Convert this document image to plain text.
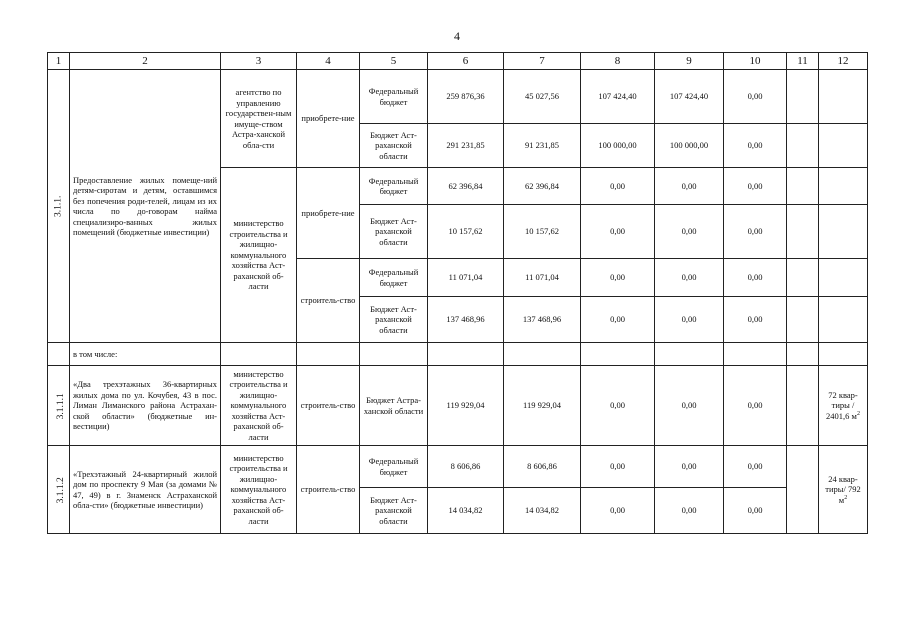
4
1	2	3	4	5	6	7	8	9	10	11	12
3.1.1.	Предоставление жилых помеще-ний детям-сиротам и детям, оставшимся без попечения роди-телей, лицам из их числа по до-говорам найма специализиро-ванных жилых помещений (бюджетные инвестиции)	агентство по управлению государствен-ным имуще-ством Астра-ханской обла-сти	приобрете-ние	Федеральный бюджет	259 876,36	45 027,56	107 424,40	107 424,40	0,00		
				Бюджет Аст-раханской области	291 231,85	91 231,85	100 000,00	100 000,00	0,00		
		министерство строительства и жилищно-коммунального хозяйства Аст-раханской об-ласти	приобрете-ние	Федеральный бюджет	62 396,84	62 396,84	0,00	0,00	0,00		
				Бюджет Аст-раханской области	10 157,62	10 157,62	0,00	0,00	0,00		
			строитель-ство	Федеральный бюджет	11 071,04	11 071,04	0,00	0,00	0,00		
				Бюджет Аст-раханской области	137 468,96	137 468,96	0,00	0,00	0,00		
	в том числе:										
3.1.1.1	«Два трехэтажных 36-квартирных жилых дома по ул. Кочубея, 43 в пос. Лиман Лиманского района Астрахан-ской области» (бюджетные ин-вестиции)	министерство строительства и жилищно-коммунального хозяйства Аст-раханской об-ласти	строитель-ство	Бюджет Астра-ханской области	119 929,04	119 929,04	0,00	0,00	0,00		72 квар-тиры / 2401,6 $м^2$
3.1.1.2	«Трехэтажный 24-квартирный жилой дом по проспекту 9 Мая (за домами № 47, 49) в г. Знаменск Астраханской обла-сти» (бюджетные инвестиции)	министерство строительства и жилищно-коммунального хозяйства Аст-раханской об-ласти	строитель-ство	Федеральный бюджет	8 606,86	8 606,86	0,00	0,00	0,00		24 квар-тиры/ 792 $м^2$
				Бюджет Аст-раханской области	14 034,82	14 034,82	0,00	0,00	0,00		
